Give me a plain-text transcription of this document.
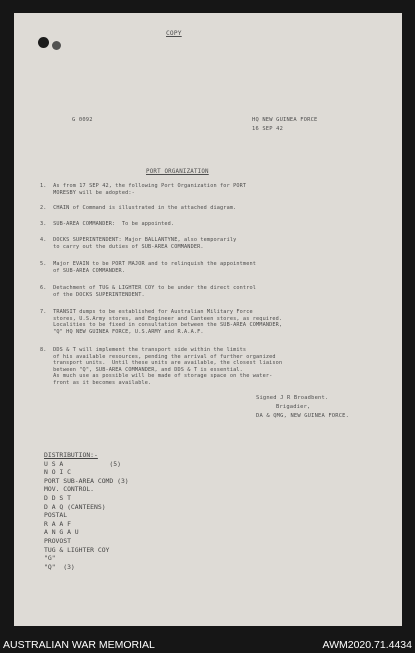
COPY
G 0092	HQ NEW GUINEA FORCE
16 SEP 42
PORT ORGANIZATION
1.  As from 17 SEP 42, the following Port Organization for PORT
MORESBY will be adopted:-
2.  CHAIN of Command is illustrated in the attached diagram.
3.  SUB-AREA COMMANDER:  To be appointed.
4.  DOCKS SUPERINTENDENT: Major BALLANTYNE, also temporarily
to carry out the duties of SUB-AREA COMMANDER.
5.  Major EVAIN to be PORT MAJOR and to relinquish the appointment
of SUB-AREA COMMANDER.
6.  Detachment of TUG & LIGHTER COY to be under the direct control
of the DOCKS SUPERINTENDENT.
7.  TRANSIT dumps to be established for Australian Military Force
stores, U.S.Army stores, and Engineer and Canteen stores, as required.
Localities to be fixed in consultation between the SUB-AREA COMMANDER,
"Q" HQ NEW GUINEA FORCE, U.S.ARMY and R.A.A.F.
8.  DDS & T will implement the transport side within the limits
of his available resources, pending the arrival of further organized
transport units.  Until these units are available, the closest liaison
between "Q", SUB-AREA COMMANDER, and DDS & T is essential.
As much use as possible will be made of storage space on the water-
front as it becomes available.
Signed J R Broadbent.
Brigadier,
DA & QMG, NEW GUINEA FORCE.
DISTRIBUTION:-
U S A            (5)
N O I C
PORT SUB-AREA COMD (3)
MOV. CONTROL.
D D S T
D A Q (CANTEENS)
POSTAL
R A A F
A N G A U
PROVOST
TUG & LIGHTER COY
"G"
"Q"  (3)
AUSTRALIAN WAR MEMORIAL	AWM2020.71.4434
